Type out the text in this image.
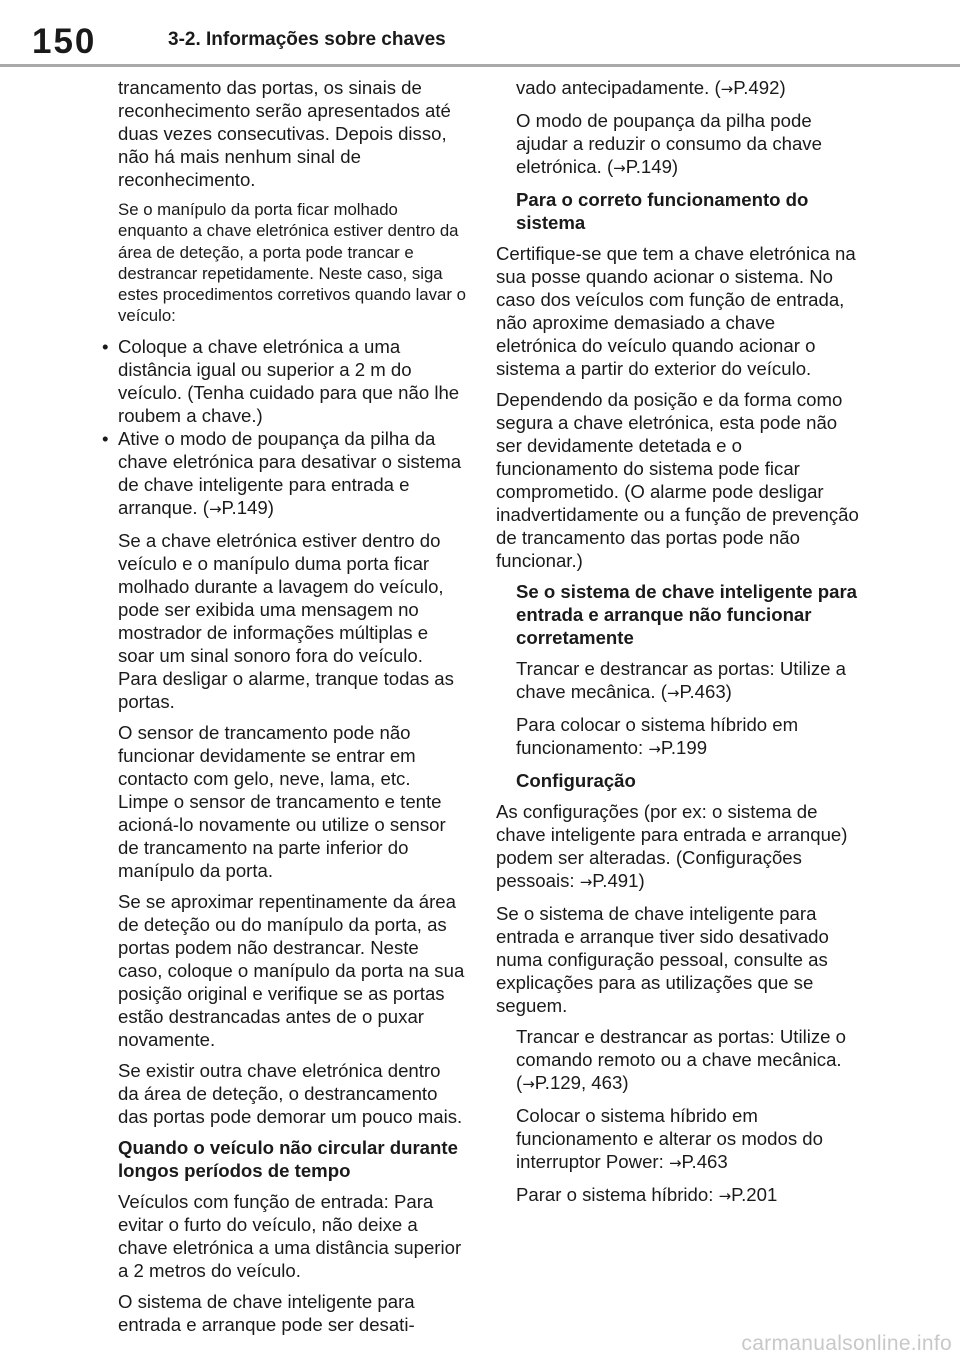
150	3-2. Informações sobre chaves

trancamento das portas, os sinais de reconhecimento serão apresentados até duas vezes consecutivas. Depois disso, não há mais nenhum sinal de reconhecimento.

Se o manípulo da porta ficar molhado enquanto a chave eletrónica estiver dentro da área de deteção, a porta pode trancar e destrancar repetidamente. Neste caso, siga estes procedimentos corretivos quando lavar o veículo:

• Coloque a chave eletrónica a uma distância igual ou superior a 2 m do veículo. (Tenha cuidado para que não lhe roubem a chave.)
• Ative o modo de poupança da pilha da chave eletrónica para desativar o sistema de chave inteligente para entrada e arranque. (→P.149)

Se a chave eletrónica estiver dentro do veículo e o manípulo duma porta ficar molhado durante a lavagem do veículo, pode ser exibida uma mensagem no mostrador de informações múltiplas e soar um sinal sonoro fora do veículo. Para desligar o alarme, tranque todas as portas.

O sensor de trancamento pode não funcionar devidamente se entrar em contacto com gelo, neve, lama, etc. Limpe o sensor de trancamento e tente acioná-lo novamente ou utilize o sensor de trancamento na parte inferior do manípulo da porta.

Se se aproximar repentinamente da área de deteção ou do manípulo da porta, as portas podem não destrancar. Neste caso, coloque o manípulo da porta na sua posição original e verifique se as portas estão destrancadas antes de o puxar novamente.

Se existir outra chave eletrónica dentro da área de deteção, o destrancamento das portas pode demorar um pouco mais.

Quando o veículo não circular durante longos períodos de tempo

Veículos com função de entrada: Para evitar o furto do veículo, não deixe a chave eletrónica a uma distância superior a 2 metros do veículo.

O sistema de chave inteligente para entrada e arranque pode ser desati-

vado antecipadamente. (→P.492)

O modo de poupança da pilha pode ajudar a reduzir o consumo da chave eletrónica. (→P.149)

Para o correto funcionamento do sistema

Certifique-se que tem a chave eletrónica na sua posse quando acionar o sistema. No caso dos veículos com função de entrada, não aproxime demasiado a chave eletrónica do veículo quando acionar o sistema a partir do exterior do veículo.

Dependendo da posição e da forma como segura a chave eletrónica, esta pode não ser devidamente detetada e o funcionamento do sistema pode ficar comprometido. (O alarme pode desligar inadvertidamente ou a função de prevenção de trancamento das portas pode não funcionar.)

Se o sistema de chave inteligente para entrada e arranque não funcionar corretamente

Trancar e destrancar as portas: Utilize a chave mecânica. (→P.463)

Para colocar o sistema híbrido em funcionamento: →P.199

Configuração

As configurações (por ex: o sistema de chave inteligente para entrada e arranque) podem ser alteradas. (Configurações pessoais: →P.491)

Se o sistema de chave inteligente para entrada e arranque tiver sido desativado numa configuração pessoal, consulte as explicações para as utilizações que se seguem.

Trancar e destrancar as portas: Utilize o comando remoto ou a chave mecânica. (→P.129, 463)

Colocar o sistema híbrido em funcionamento e alterar os modos do interruptor Power: →P.463

Parar o sistema híbrido: →P.201

carmanualsonline.info
